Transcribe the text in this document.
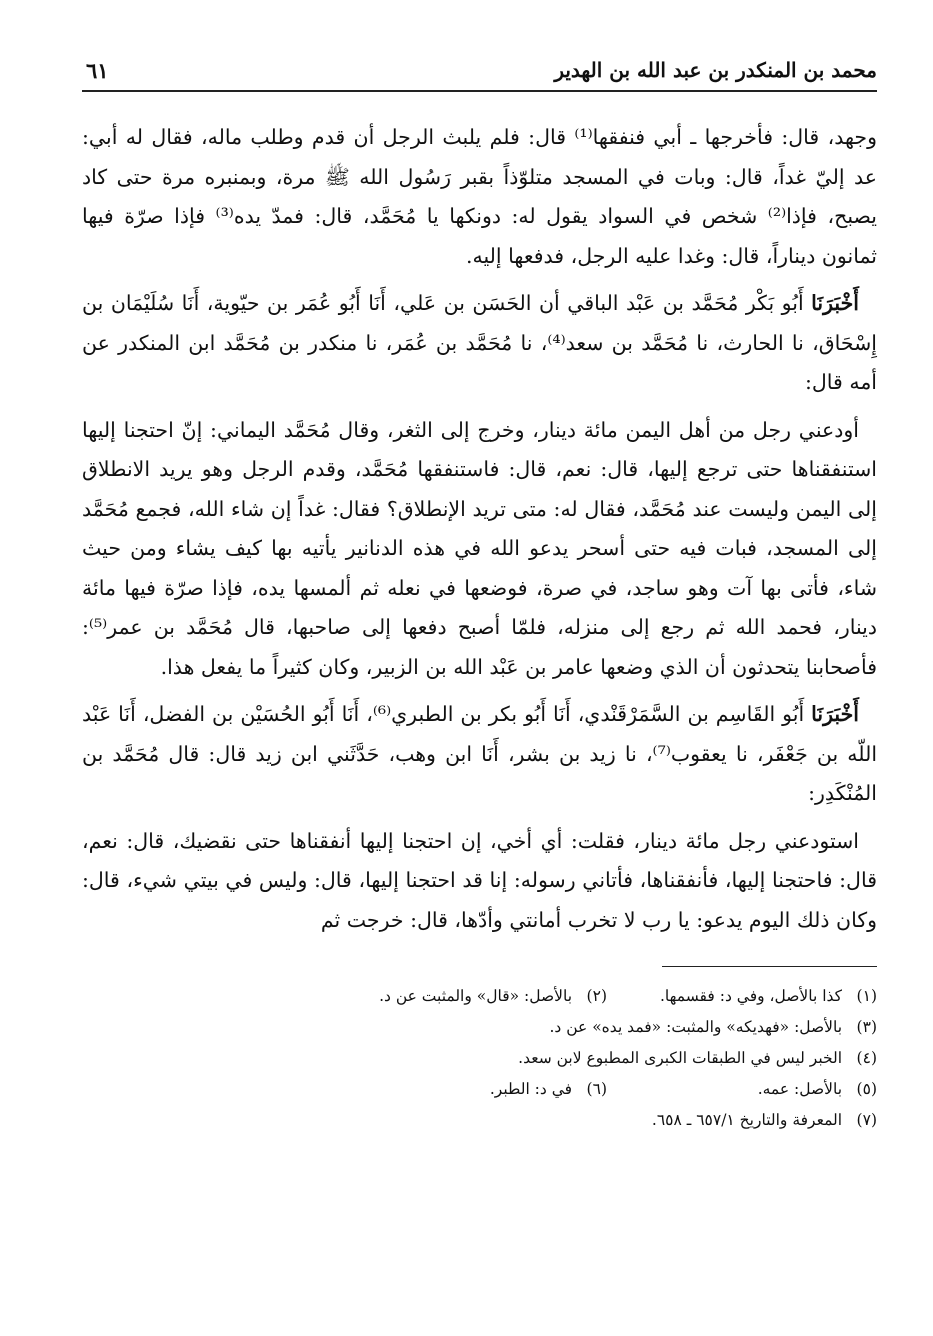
محمد بن المنكدر بن عبد الله بن الهدير
٦١

وجهد، قال: فأخرجها ـ أبي فنفقها⁽¹⁾ قال: فلم يلبث الرجل أن قدم وطلب ماله، فقال له أبي: عد إليّ غداً، قال: وبات في المسجد متلوّذاً بقبر رَسُول الله ﷺ مرة، وبمنبره مرة حتى كاد يصبح، فإذا⁽²⁾ شخص في السواد يقول له: دونكها يا مُحَمَّد، قال: فمدّ يده⁽³⁾ فإذا صرّة فيها ثمانون ديناراً، قال: وغدا عليه الرجل، فدفعها إليه.

أَخْبَرَنَا أَبُو بَكْر مُحَمَّد بن عَبْد الباقي أن الحَسَن بن عَلي، أَنَا أَبُو عُمَر بن حيّوية، أَنَا سُلَيْمَان بن إِسْحَاق، نا الحارث، نا مُحَمَّد بن سعد⁽⁴⁾، نا مُحَمَّد بن عُمَر، نا منكدر بن مُحَمَّد ابن المنكدر عن أمه قال:

أودعني رجل من أهل اليمن مائة دينار، وخرج إلى الثغر، وقال مُحَمَّد اليماني: إنّ احتجنا إليها استنفقناها حتى ترجع إليها، قال: نعم، قال: فاستنفقها مُحَمَّد، وقدم الرجل وهو يريد الانطلاق إلى اليمن وليست عند مُحَمَّد، فقال له: متى تريد الإنطلاق؟ فقال: غداً إن شاء الله، فجمع مُحَمَّد إلى المسجد، فبات فيه حتى أسحر يدعو الله في هذه الدنانير يأتيه بها كيف يشاء ومن حيث شاء، فأتى بها آت وهو ساجد، في صرة، فوضعها في نعله ثم ألمسها يده، فإذا صرّة فيها مائة دينار، فحمد الله ثم رجع إلى منزله، فلمّا أصبح دفعها إلى صاحبها، قال مُحَمَّد بن عمر⁽⁵⁾: فأصحابنا يتحدثون أن الذي وضعها عامر بن عَبْد الله بن الزبير، وكان كثيراً ما يفعل هذا.

أَخْبَرَنَا أَبُو القَاسِم بن السَّمَرْقَنْدي، أَنَا أَبُو بكر بن الطبري⁽⁶⁾، أَنَا أَبُو الحُسَيْن بن الفضل، أَنَا عَبْد اللّه بن جَعْفَر، نا يعقوب⁽⁷⁾، نا زيد بن بشر، أَنَا ابن وهب، حَدَّثَني ابن زيد قال: قال مُحَمَّد بن المُنْكَدِر:

استودعني رجل مائة دينار، فقلت: أي أخي، إن احتجنا إليها أنفقناها حتى نقضيك، قال: نعم، قال: فاحتجنا إليها، فأنفقناها، فأتاني رسوله: إنا قد احتجنا إليها، قال: وليس في بيتي شيء، قال: وكان ذلك اليوم يدعو: يا رب لا تخرب أمانتي وأدّها، قال: خرجت ثم

(١) كذا بالأصل، وفي د: فقسمها.
(٢) بالأصل: «قال» والمثبت عن د.
(٣) بالأصل: «فهديكه» والمثبت: «فمد يده» عن د.
(٤) الخبر ليس في الطبقات الكبرى المطبوع لابن سعد.
(٥) بالأصل: عمه.
(٦) في د: الطبر.
(٧) المعرفة والتاريخ ٦٥٧/١ ـ ٦٥٨.
